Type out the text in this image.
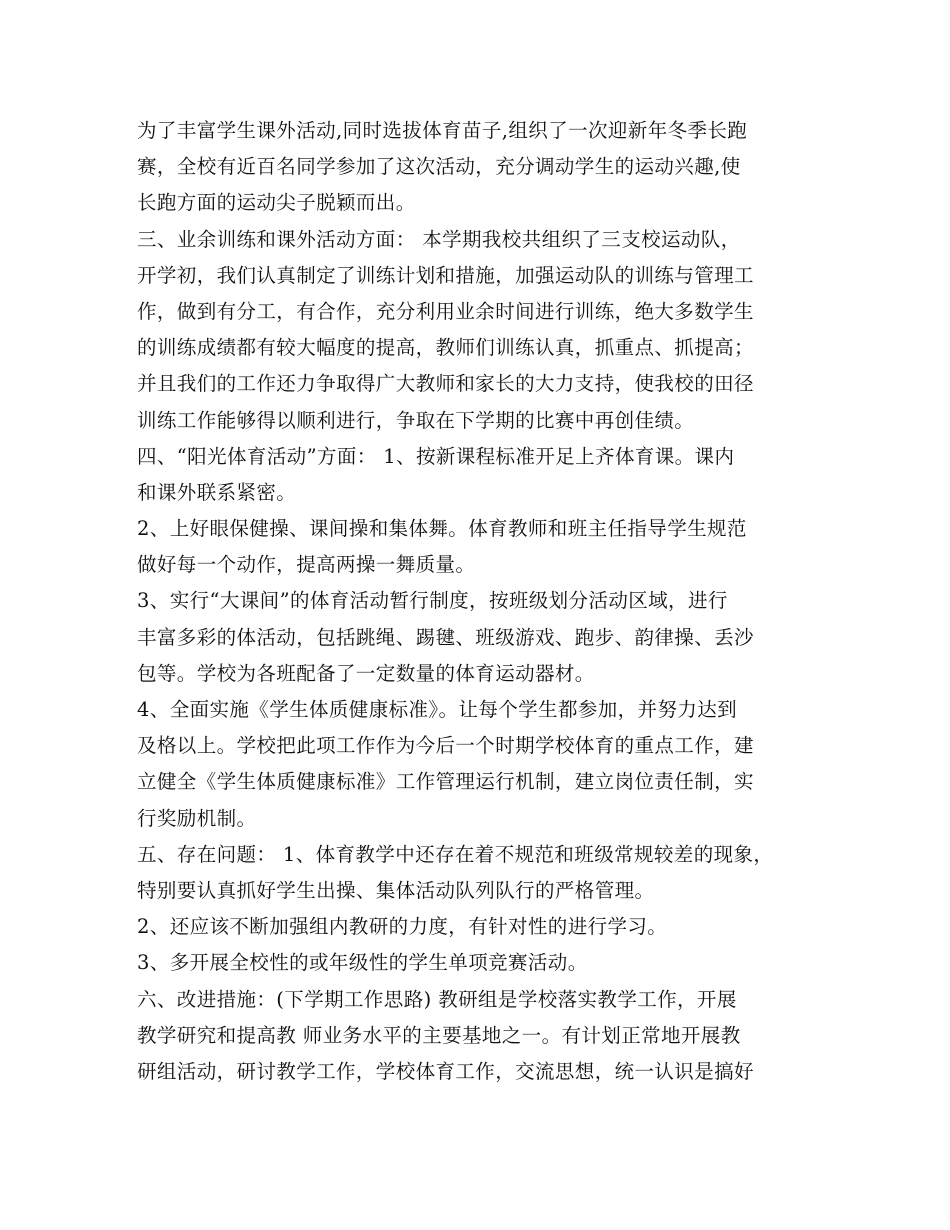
为了丰富学生课外活动,同时选拔体育苗子,组织了一次迎新年冬季长跑
赛，全校有近百名同学参加了这次活动，充分调动学生的运动兴趣,使
长跑方面的运动尖子脱颖而出。
三、业余训练和课外活动方面： 本学期我校共组织了三支校运动队，
开学初，我们认真制定了训练计划和措施，加强运动队的训练与管理工
作，做到有分工，有合作，充分利用业余时间进行训练，绝大多数学生
的训练成绩都有较大幅度的提高，教师们训练认真，抓重点、抓提高；
并且我们的工作还力争取得广大教师和家长的大力支持，使我校的田径
训练工作能够得以顺利进行，争取在下学期的比赛中再创佳绩。
四、“阳光体育活动”方面： 1、按新课程标准开足上齐体育课。课内
和课外联系紧密。
2、上好眼保健操、课间操和集体舞。体育教师和班主任指导学生规范
做好每一个动作，提高两操一舞质量。
3、实行“大课间”的体育活动暂行制度，按班级划分活动区域，进行
丰富多彩的体活动，包括跳绳、踢毽、班级游戏、跑步、韵律操、丢沙
包等。学校为各班配备了一定数量的体育运动器材。
4、全面实施《学生体质健康标准》。让每个学生都参加，并努力达到
及格以上。学校把此项工作作为今后一个时期学校体育的重点工作，建
立健全《学生体质健康标准》工作管理运行机制，建立岗位责任制，实
行奖励机制。
五、存在问题： 1、体育教学中还存在着不规范和班级常规较差的现象，
特别要认真抓好学生出操、集体活动队列队行的严格管理。
2、还应该不断加强组内教研的力度，有针对性的进行学习。
3、多开展全校性的或年级性的学生单项竞赛活动。
六、改进措施：(下学期工作思路) 教研组是学校落实教学工作，开展
教学研究和提高教 师业务水平的主要基地之一。有计划正常地开展教
研组活动，研讨教学工作，学校体育工作，交流思想，统一认识是搞好
